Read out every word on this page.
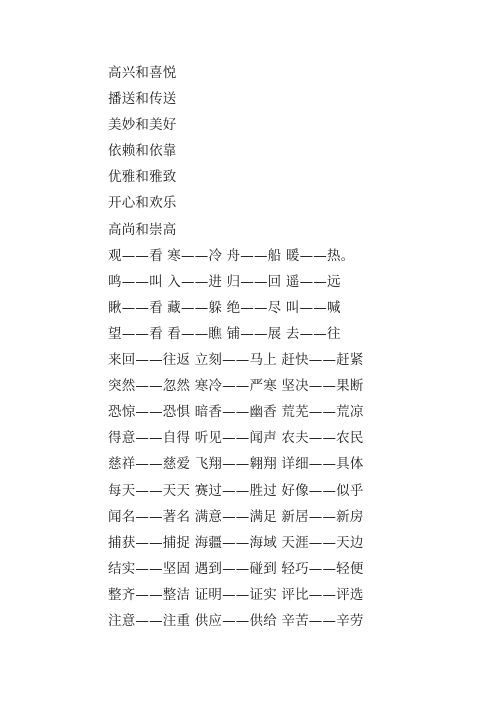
高兴和喜悦
播送和传送
美妙和美好
依赖和依靠
优雅和雅致
开心和欢乐
高尚和崇高
观——看 寒——冷 舟——船 暖——热。
鸣——叫 入——进 归——回 遥——远
瞅——看 藏——躲 绝——尽 叫——喊
望——看 看——瞧 铺——展 去——往
来回——往返 立刻——马上 赶快——赶紧
突然——忽然 寒冷——严寒 坚决——果断
恐惊——恐惧 暗香——幽香 荒芜——荒凉
得意——自得 听见——闻声 农夫——农民
慈祥——慈爱 飞翔——翱翔 详细——具体
每天——天天 赛过——胜过 好像——似乎
闻名——著名 满意——满足 新居——新房
捕获——捕捉 海疆——海域 天涯——天边
结实——坚固 遇到——碰到 轻巧——轻便
整齐——整洁 证明——证实 评比——评选
注意——注重 供应——供给 辛苦——辛劳
